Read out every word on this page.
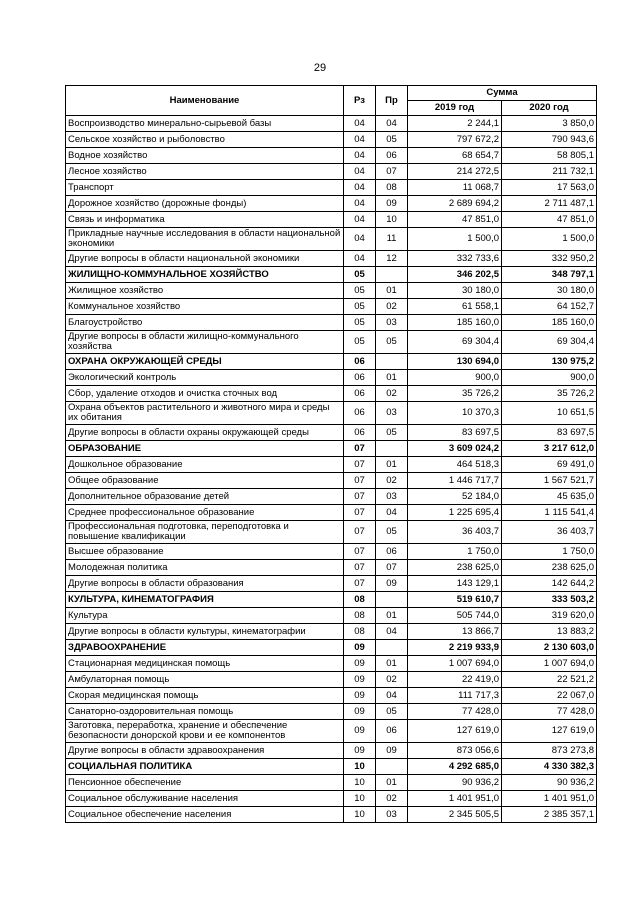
29
Наименование	Рз	Пр	Сумма	
			2019 год	2020 год
Воспроизводство минерально-сырьевой базы	04	04	2 244,1	3 850,0
Сельское хозяйство и рыболовство	04	05	797 672,2	790 943,6
Водное хозяйство	04	06	68 654,7	58 805,1
Лесное хозяйство	04	07	214 272,5	211 732,1
Транспорт	04	08	11 068,7	17 563,0
Дорожное хозяйство (дорожные фонды)	04	09	2 689 694,2	2 711 487,1
Связь и информатика	04	10	47 851,0	47 851,0
Прикладные научные исследования в области национальной экономики	04	11	1 500,0	1 500,0
Другие вопросы в области национальной экономики	04	12	332 733,6	332 950,2
ЖИЛИЩНО-КОММУНАЛЬНОЕ ХОЗЯЙСТВО	05		346 202,5	348 797,1
Жилищное хозяйство	05	01	30 180,0	30 180,0
Коммунальное хозяйство	05	02	61 558,1	64 152,7
Благоустройство	05	03	185 160,0	185 160,0
Другие вопросы в области жилищно-коммунального хозяйства	05	05	69 304,4	69 304,4
ОХРАНА ОКРУЖАЮЩЕЙ СРЕДЫ	06		130 694,0	130 975,2
Экологический контроль	06	01	900,0	900,0
Сбор, удаление отходов и очистка сточных вод	06	02	35 726,2	35 726,2
Охрана объектов растительного и животного мира и среды их обитания	06	03	10 370,3	10 651,5
Другие вопросы в области охраны окружающей среды	06	05	83 697,5	83 697,5
ОБРАЗОВАНИЕ	07		3 609 024,2	3 217 612,0
Дошкольное образование	07	01	464 518,3	69 491,0
Общее образование	07	02	1 446 717,7	1 567 521,7
Дополнительное образование детей	07	03	52 184,0	45 635,0
Среднее профессиональное образование	07	04	1 225 695,4	1 115 541,4
Профессиональная подготовка, переподготовка и повышение квалификации	07	05	36 403,7	36 403,7
Высшее образование	07	06	1 750,0	1 750,0
Молодежная политика	07	07	238 625,0	238 625,0
Другие вопросы в области образования	07	09	143 129,1	142 644,2
КУЛЬТУРА, КИНЕМАТОГРАФИЯ	08		519 610,7	333 503,2
Культура	08	01	505 744,0	319 620,0
Другие вопросы в области культуры, кинематографии	08	04	13 866,7	13 883,2
ЗДРАВООХРАНЕНИЕ	09		2 219 933,9	2 130 603,0
Стационарная медицинская помощь	09	01	1 007 694,0	1 007 694,0
Амбулаторная помощь	09	02	22 419,0	22 521,2
Скорая медицинская помощь	09	04	111 717,3	22 067,0
Санаторно-оздоровительная помощь	09	05	77 428,0	77 428,0
Заготовка, переработка, хранение и обеспечение безопасности донорской крови и ее компонентов	09	06	127 619,0	127 619,0
Другие вопросы в области здравоохранения	09	09	873 056,6	873 273,8
СОЦИАЛЬНАЯ ПОЛИТИКА	10		4 292 685,0	4 330 382,3
Пенсионное обеспечение	10	01	90 936,2	90 936,2
Социальное обслуживание населения	10	02	1 401 951,0	1 401 951,0
Социальное обеспечение населения	10	03	2 345 505,5	2 385 357,1
